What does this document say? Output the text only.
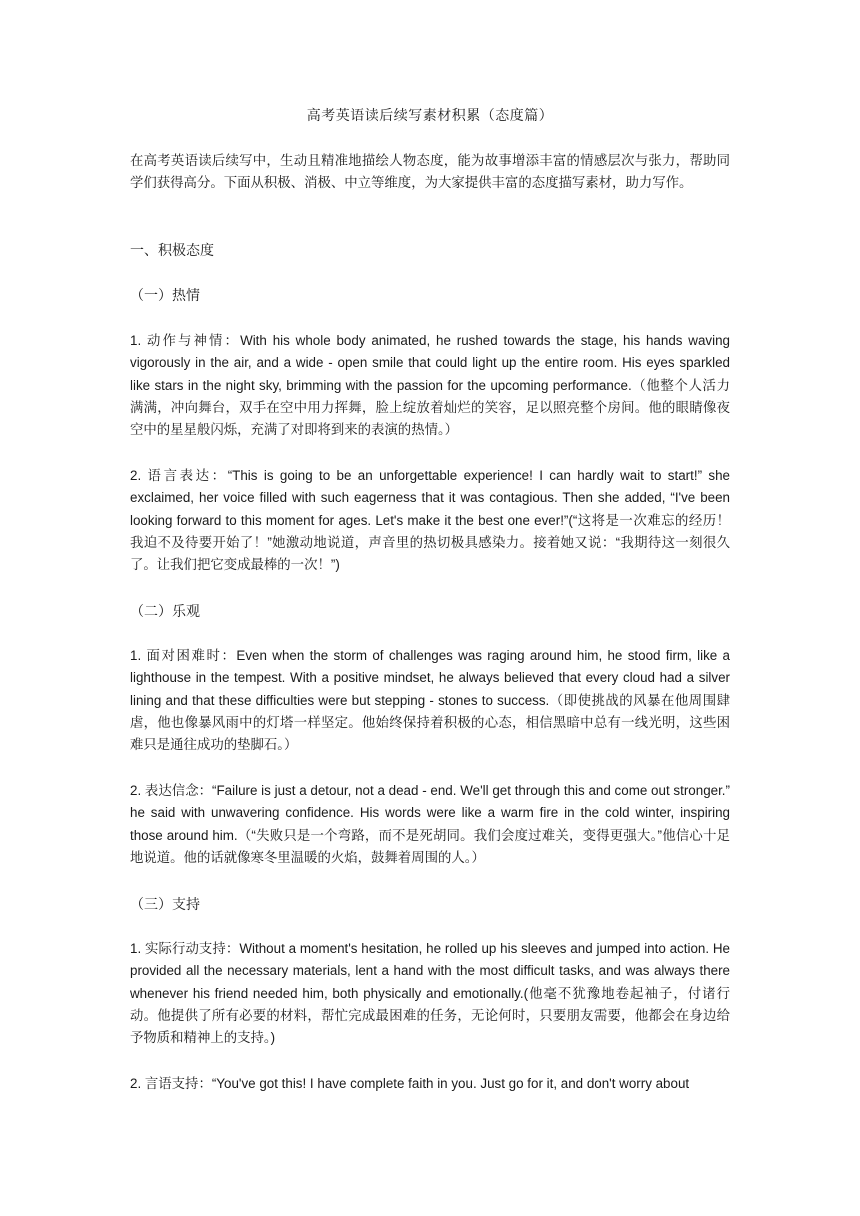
高考英语读后续写素材积累（态度篇）

在高考英语读后续写中，生动且精准地描绘人物态度，能为故事增添丰富的情感层次与张力，帮助同学们获得高分。下面从积极、消极、中立等维度，为大家提供丰富的态度描写素材，助力写作。

一、积极态度
（一）热情

1. 动作与神情：With his whole body animated, he rushed towards the stage, his hands waving vigorously in the air, and a wide - open smile that could light up the entire room. His eyes sparkled like stars in the night sky, brimming with the passion for the upcoming performance.（他整个人活力满满，冲向舞台，双手在空中用力挥舞，脸上绽放着灿烂的笑容，足以照亮整个房间。他的眼睛像夜空中的星星般闪烁，充满了对即将到来的表演的热情。）

2. 语言表达：“This is going to be an unforgettable experience! I can hardly wait to start!” she exclaimed, her voice filled with such eagerness that it was contagious. Then she added, “I've been looking forward to this moment for ages. Let's make it the best one ever!”(“这将是一次难忘的经历！我迫不及待要开始了！”她激动地说道，声音里的热切极具感染力。接着她又说：“我期待这一刻很久了。让我们把它变成最棒的一次！”)

（二）乐观

1. 面对困难时：Even when the storm of challenges was raging around him, he stood firm, like a lighthouse in the tempest. With a positive mindset, he always believed that every cloud had a silver lining and that these difficulties were but stepping - stones to success.（即使挑战的风暴在他周围肆虐，他也像暴风雨中的灯塔一样坚定。他始终保持着积极的心态，相信黑暗中总有一线光明，这些困难只是通往成功的垫脚石。）

2. 表达信念：“Failure is just a detour, not a dead - end. We'll get through this and come out stronger.” he said with unwavering confidence. His words were like a warm fire in the cold winter, inspiring those around him.（“失败只是一个弯路，而不是死胡同。我们会度过难关，变得更强大。”他信心十足地说道。他的话就像寒冬里温暖的火焰，鼓舞着周围的人。）

（三）支持

1. 实际行动支持：Without a moment's hesitation, he rolled up his sleeves and jumped into action. He provided all the necessary materials, lent a hand with the most difficult tasks, and was always there whenever his friend needed him, both physically and emotionally.(他毫不犹豫地卷起袖子，付诸行动。他提供了所有必要的材料，帮忙完成最困难的任务，无论何时，只要朋友需要，他都会在身边给予物质和精神上的支持。)

2. 言语支持：“You've got this! I have complete faith in you. Just go for it, and don't worry about
